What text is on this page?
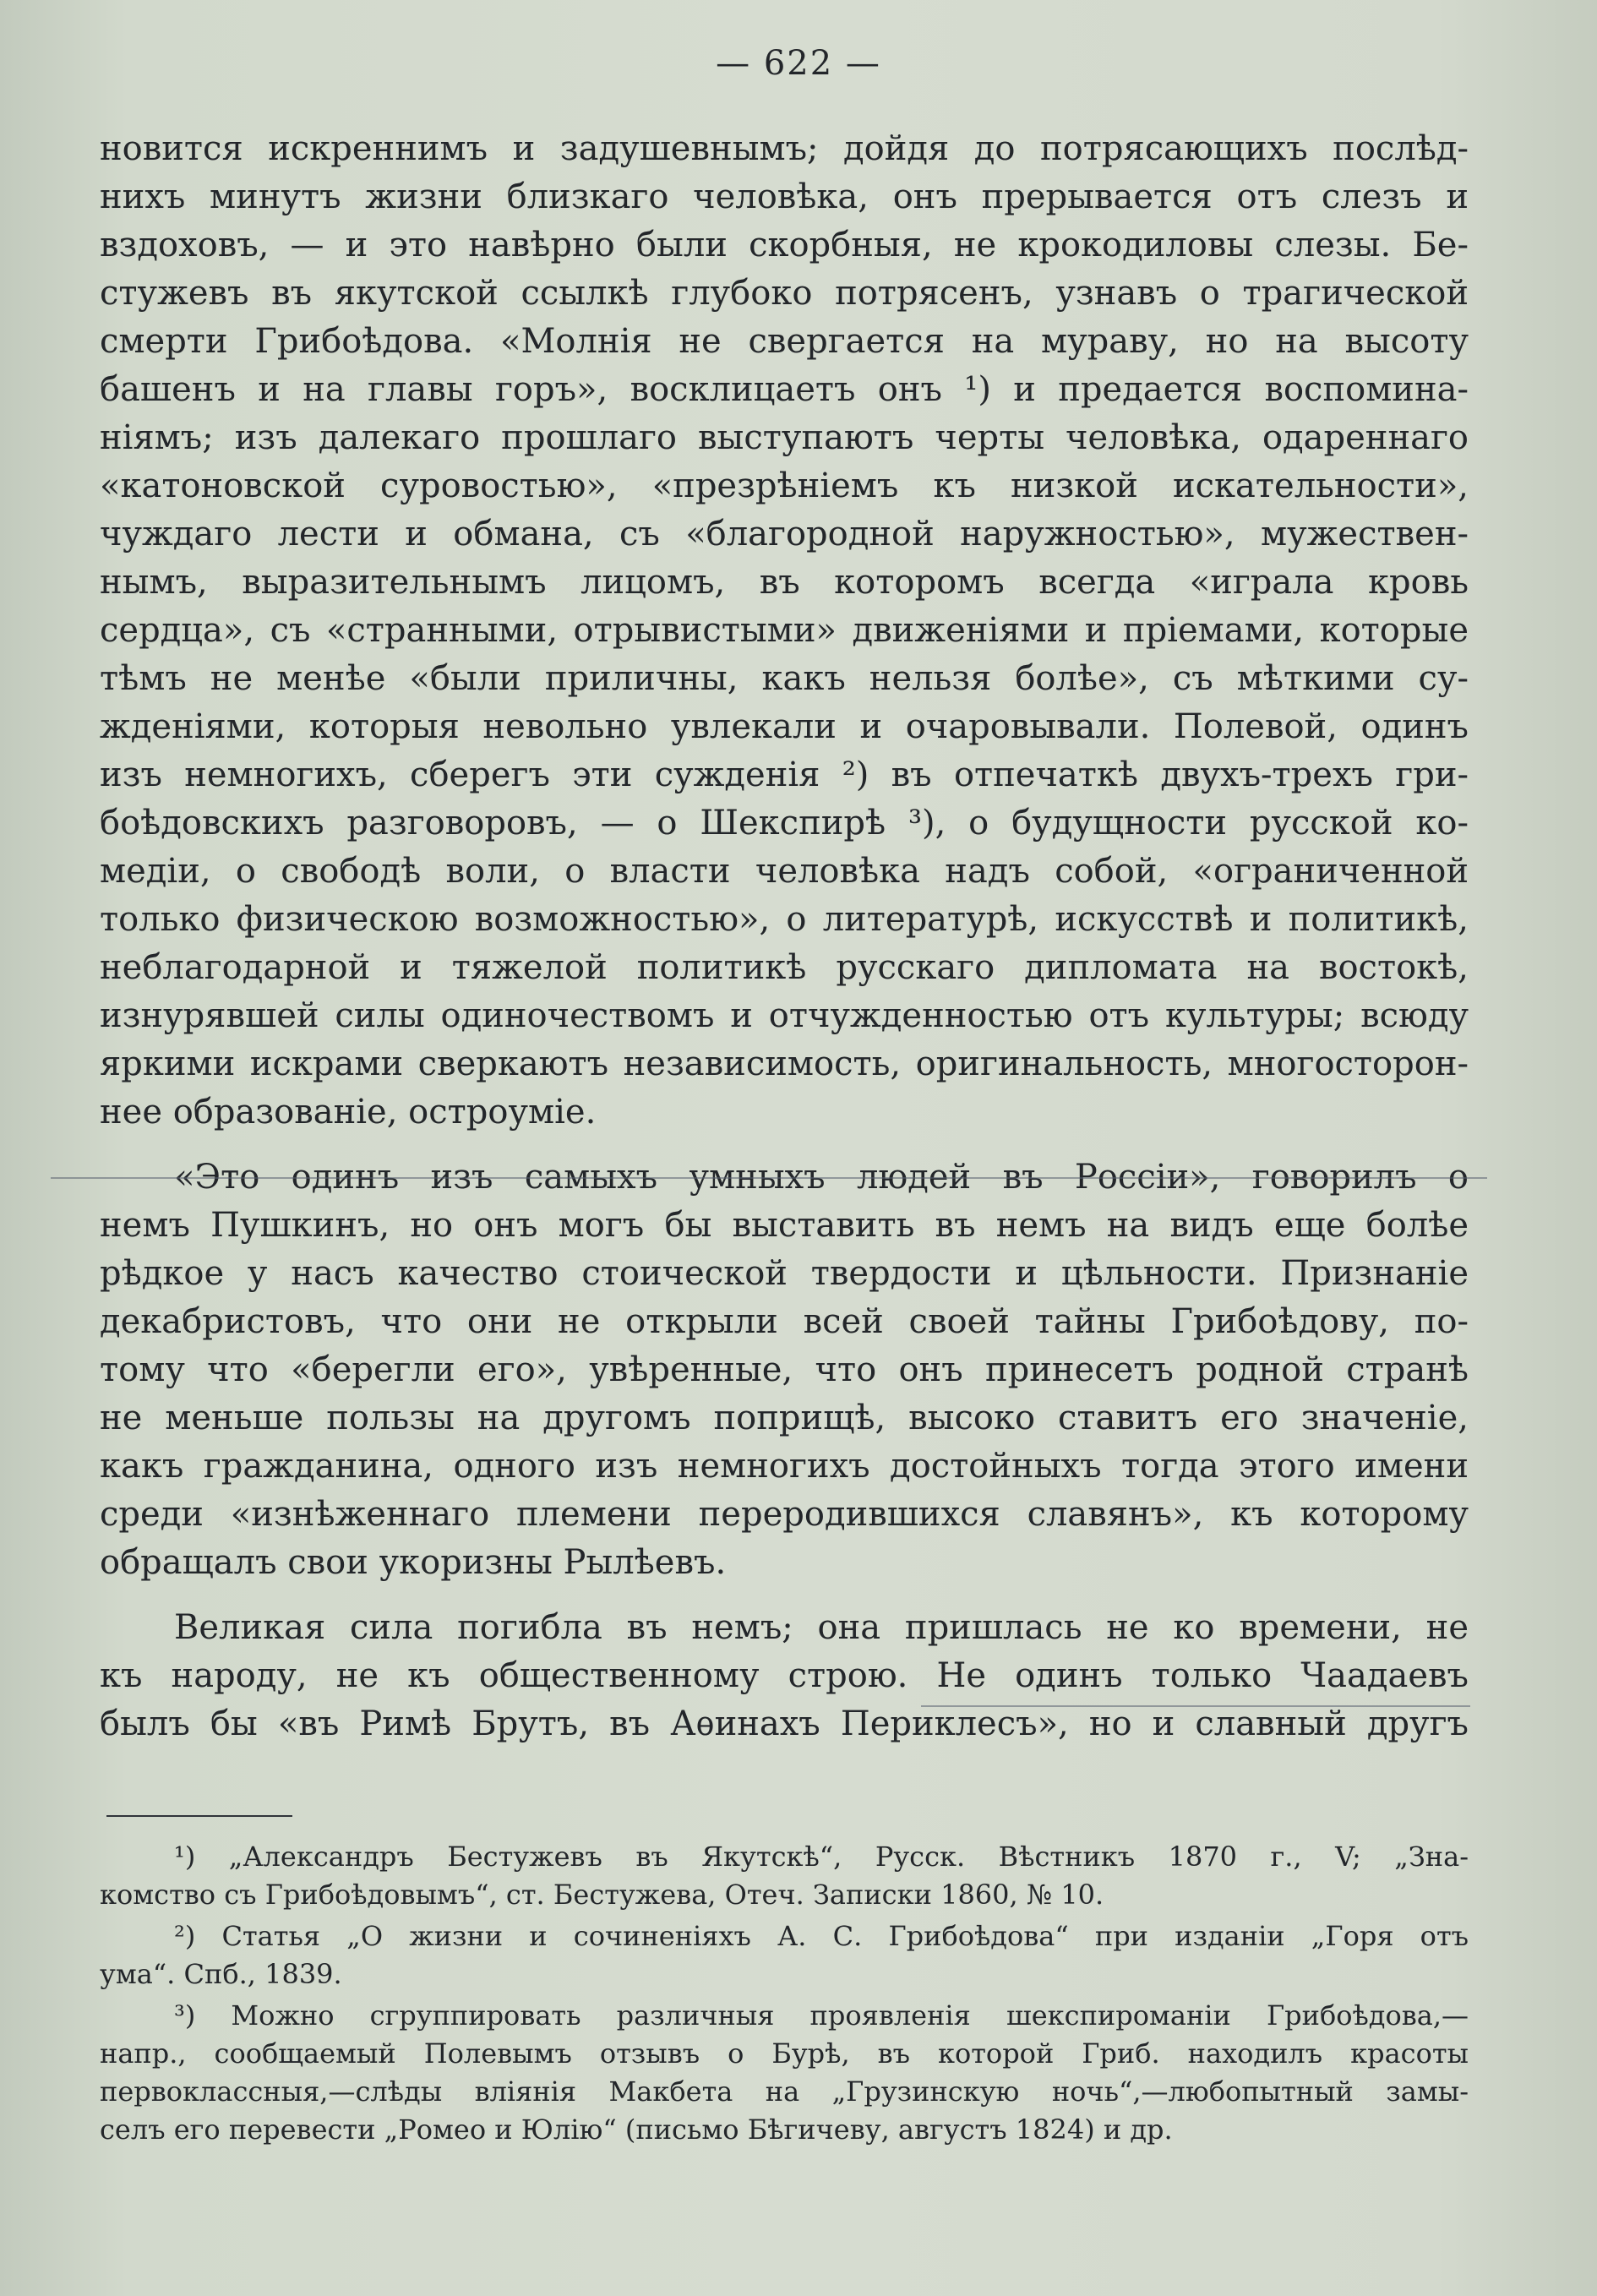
— 622 —
новится искреннимъ и задушевнымъ; дойдя до потрясающихъ послѣд-
нихъ минутъ жизни близкаго человѣка, онъ прерывается отъ слезъ и
вздоховъ, — и это навѣрно были скорбныя, не крокодиловы слезы. Бе-
стужевъ въ якутской ссылкѣ глубоко потрясенъ, узнавъ о трагической
смерти Грибоѣдова. «Молнія не свергается на мураву, но на высоту
башенъ и на главы горъ», восклицаетъ онъ ¹) и предается воспомина-
ніямъ; изъ далекаго прошлаго выступаютъ черты человѣка, одареннаго
«катоновской суровостью», «презрѣніемъ къ низкой искательности»,
чуждаго лести и обмана, съ «благородной наружностью», мужествен-
нымъ, выразительнымъ лицомъ, въ которомъ всегда «играла кровь
сердца», съ «странными, отрывистыми» движеніями и пріемами, которые
тѣмъ не менѣе «были приличны, какъ нельзя болѣе», съ мѣткими су-
жденіями, которыя невольно увлекали и очаровывали. Полевой, одинъ
изъ немногихъ, сберегъ эти сужденія ²) въ отпечаткѣ двухъ-трехъ гри-
боѣдовскихъ разговоровъ, — о Шекспирѣ ³), о будущности русской ко-
медіи, о свободѣ воли, о власти человѣка надъ собой, «ограниченной
только физическою возможностью», о литературѣ, искусствѣ и политикѣ,
неблагодарной и тяжелой политикѣ русскаго дипломата на востокѣ,
изнурявшей силы одиночествомъ и отчужденностью отъ культуры; всюду
яркими искрами сверкаютъ независимость, оригинальность, многосторон-
нее образованіе, остроуміе.
«Это одинъ изъ самыхъ умныхъ людей въ Россіи», говорилъ о
немъ Пушкинъ, но онъ могъ бы выставить въ немъ на видъ еще болѣе
рѣдкое у насъ качество стоической твердости и цѣльности. Признаніе
декабристовъ, что они не открыли всей своей тайны Грибоѣдову, по-
тому что «берегли его», увѣренные, что онъ принесетъ родной странѣ
не меньше пользы на другомъ поприщѣ, высоко ставитъ его значеніе,
какъ гражданина, одного изъ немногихъ достойныхъ тогда этого имени
среди «изнѣженнаго племени переродившихся славянъ», къ которому
обращалъ свои укоризны Рылѣевъ.
Великая сила погибла въ немъ; она пришлась не ко времени, не
къ народу, не къ общественному строю. Не одинъ только Чаадаевъ
былъ бы «въ Римѣ Брутъ, въ Аѳинахъ Периклесъ», но и славный другъ
¹) „Александръ Бестужевъ въ Якутскѣ“, Русск. Вѣстникъ 1870 г., V; „Зна-
комство съ Грибоѣдовымъ“, ст. Бестужева, Отеч. Записки 1860, № 10.
²) Статья „О жизни и сочиненіяхъ А. С. Грибоѣдова“ при изданіи „Горя отъ
ума“. Спб., 1839.
³) Можно сгруппировать различныя проявленія шекспироманіи Грибоѣдова,—
напр., сообщаемый Полевымъ отзывъ о Бурѣ, въ которой Гриб. находилъ красоты
первоклассныя,—слѣды вліянія Макбета на „Грузинскую ночь“,—любопытный замы-
селъ его перевести „Ромео и Юлію“ (письмо Бѣгичеву, августъ 1824) и др.
